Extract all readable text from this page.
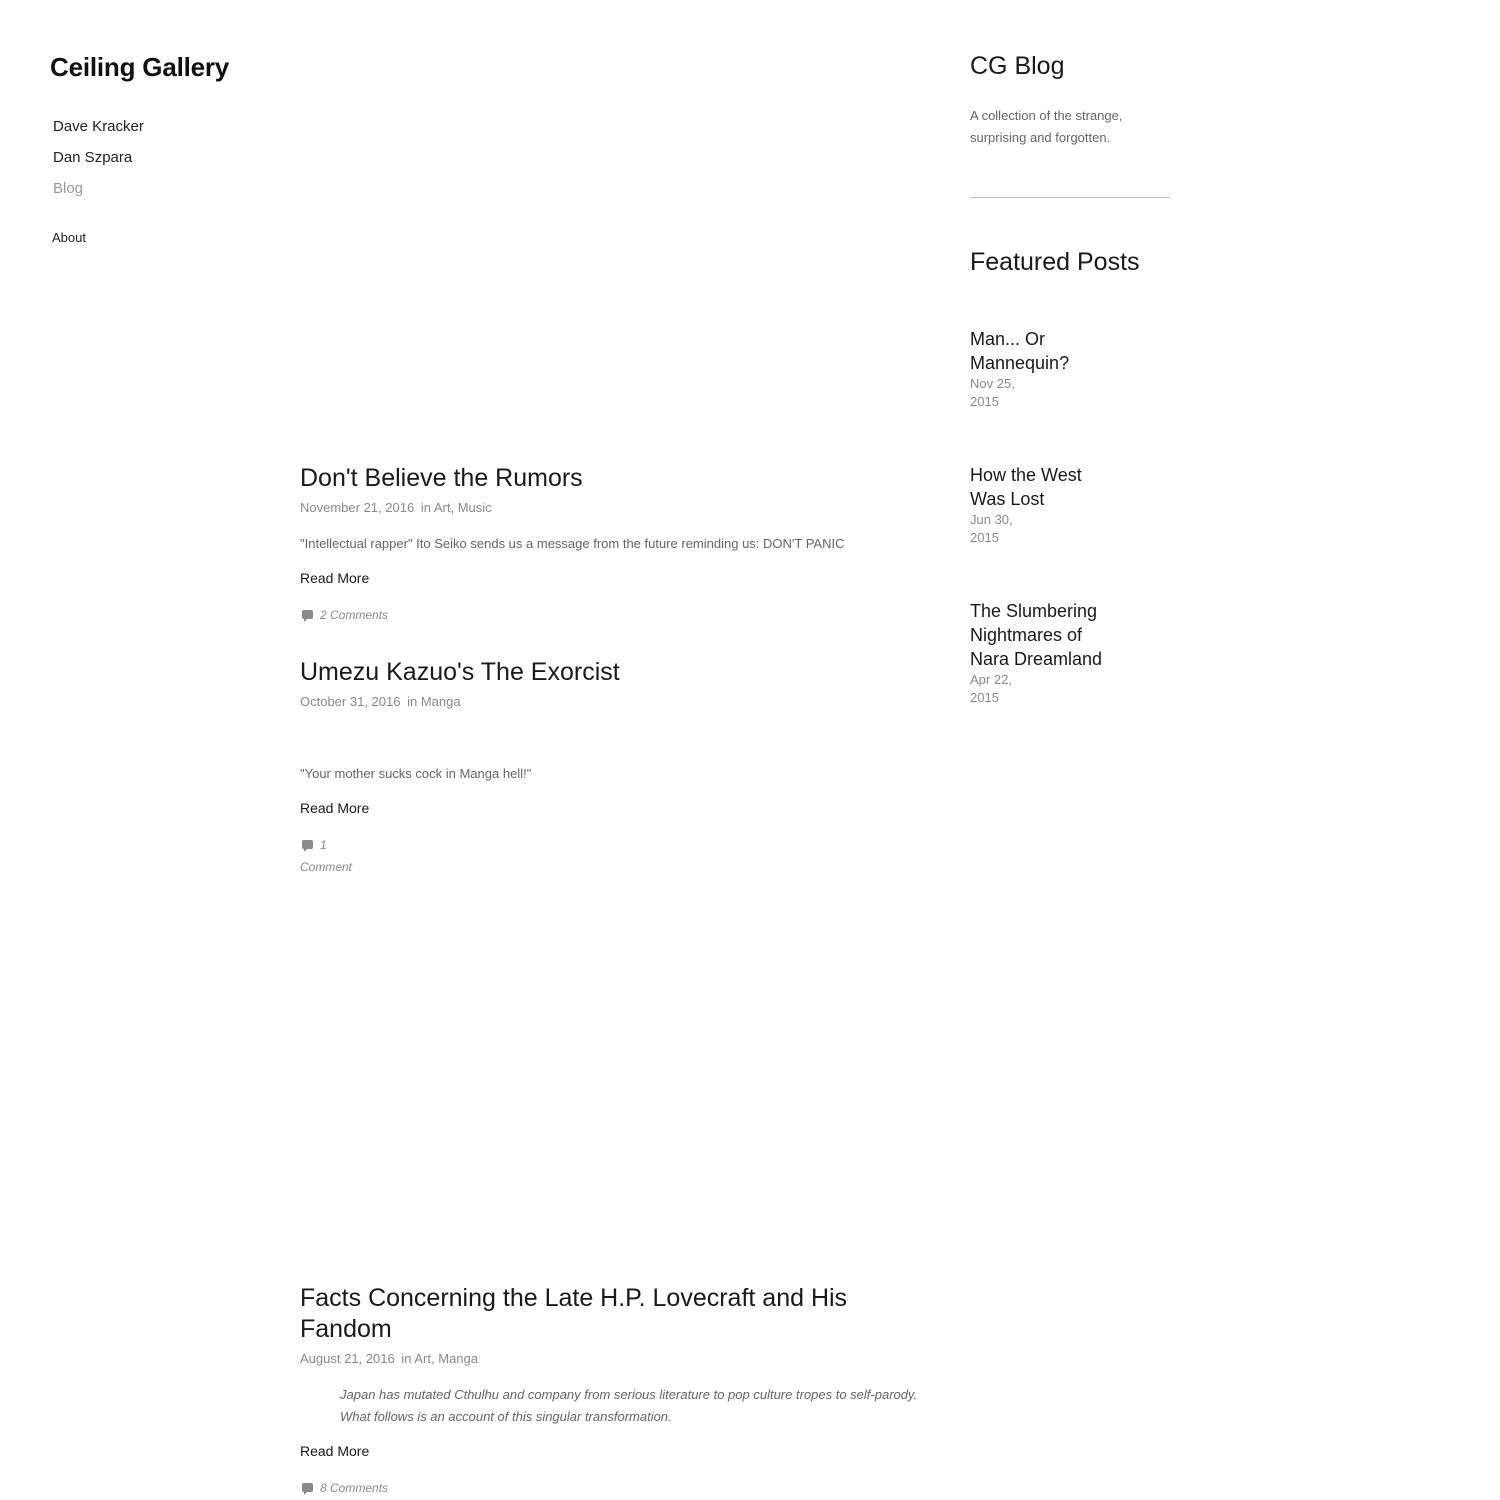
Ceiling Gallery
Dave Kracker
Dan Szpara
Blog
About
Don't Believe the Rumors
November 21, 2016 in Art, Music

"Intellectual rapper" Ito Seiko sends us a message from the future reminding us: DON'T PANIC

Read More
2 Comments
Umezu Kazuo's The Exorcist
October 31, 2016 in Manga

"Your mother sucks cock in Manga hell!"

Read More
1
Comment
Facts Concerning the Late H.P. Lovecraft and His Fandom
August 21, 2016 in Art, Manga

Japan has mutated Cthulhu and company from serious literature to pop culture tropes to self-parody. What follows is an account of this singular transformation.

Read More
8 Comments
CG Blog

A collection of the strange, surprising and forgotten.

Featured Posts
Man... Or Mannequin?
Nov 25, 2015
How the West Was Lost
Jun 30, 2015
The Slumbering Nightmares of Nara Dreamland
Apr 22, 2015
